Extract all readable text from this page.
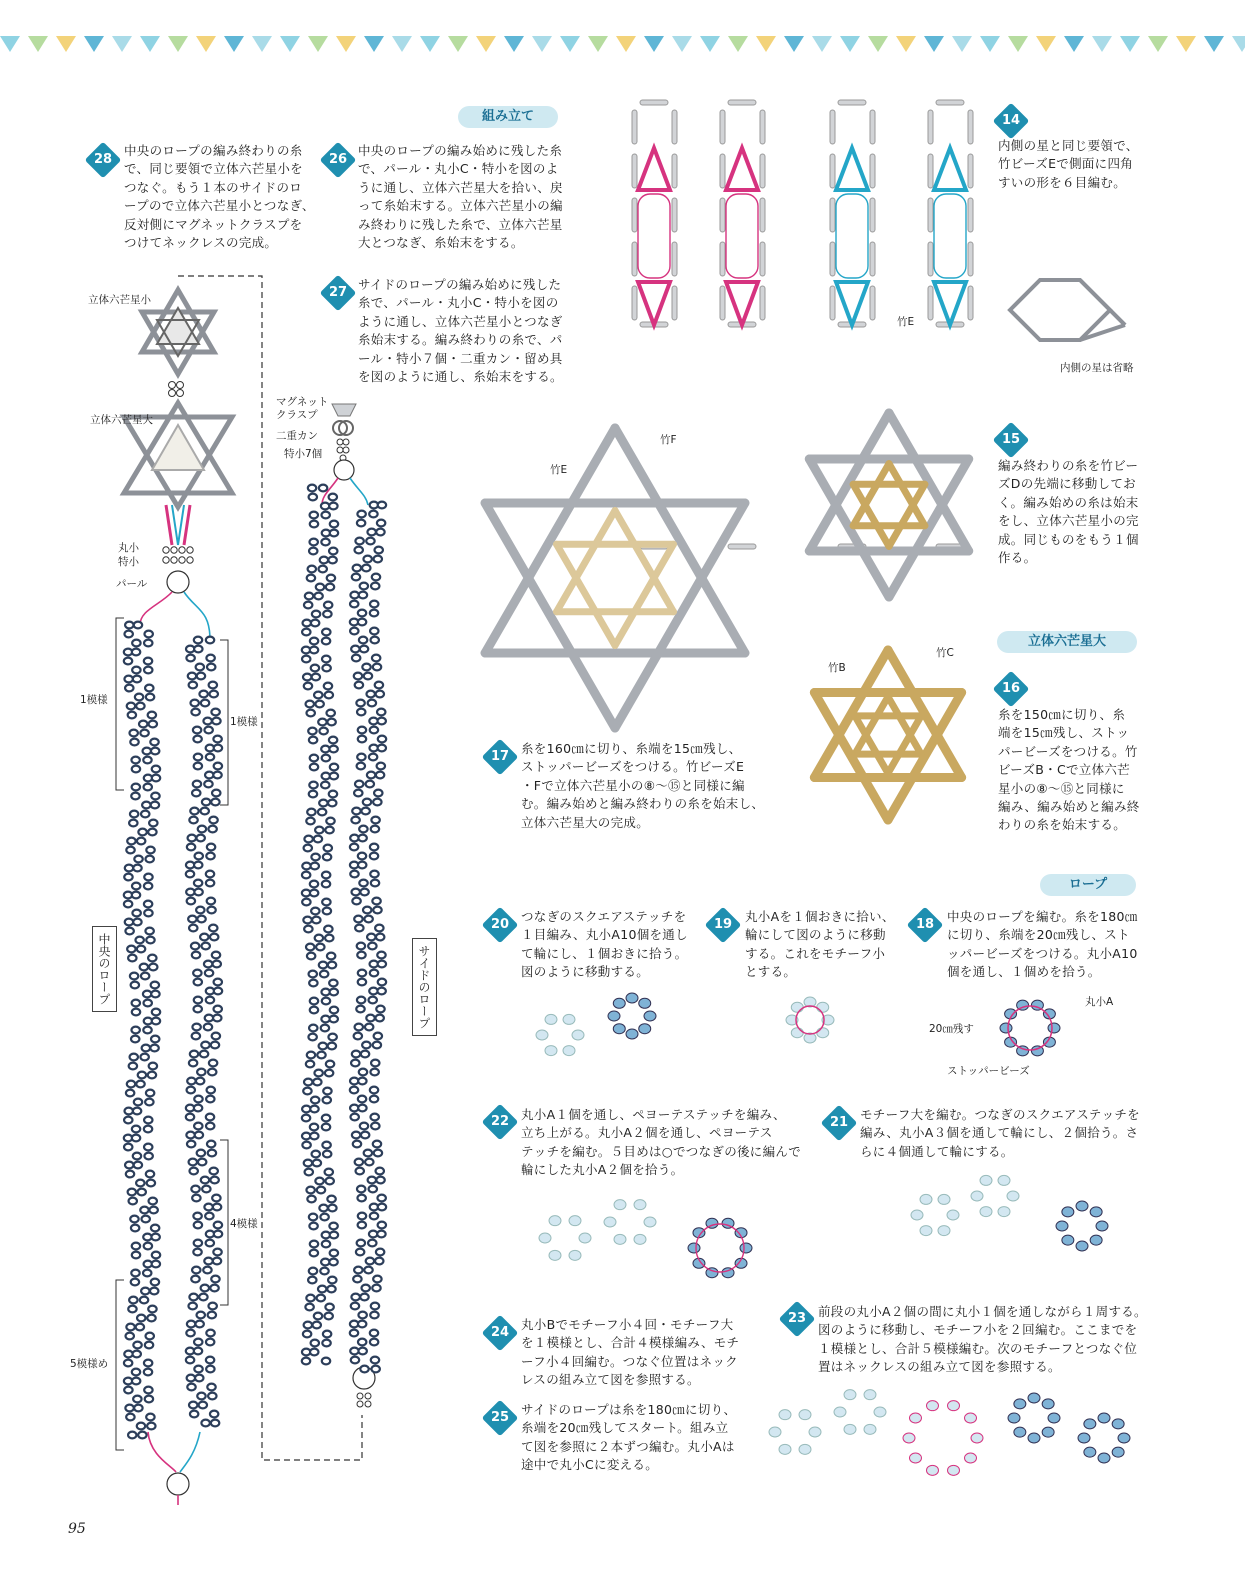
組み立て
立体六芒星大
ロープ
28	26
27
14
15
16
17
20	19	18
22	21
24
25
23
中央のロープの編み終わりの糸
で、同じ要領で立体六芒星小を
つなぐ。もう１本のサイドのロ
ープので立体六芒星小とつなぎ、
反対側にマグネットクラスプを
つけてネックレスの完成。
中央のロープの編み始めに残した糸
で、パール・丸小C・特小を図のよ
うに通し、立体六芒星大を拾い、戻
って糸始末する。立体六芒星小の編
み終わりに残した糸で、立体六芒星
大とつなぎ、糸始末をする。
サイドのロープの編み始めに残した
糸で、パール・丸小C・特小を図の
ように通し、立体六芒星小とつなぎ
糸始末する。編み終わりの糸で、パ
ール・特小７個・二重カン・留め具
を図のように通し、糸始末をする。
内側の星と同じ要領で、
竹ビーズEで側面に四角
すいの形を６目編む。
編み終わりの糸を竹ビー
ズDの先端に移動してお
く。編み始めの糸は始末
をし、立体六芒星小の完
成。同じものをもう１個
作る。
糸を150㎝に切り、糸
端を15㎝残し、ストッ
パービーズをつける。竹
ビーズB・Cで立体六芒
星小の⑧〜⑮と同様に
編み、編み始めと編み終
わりの糸を始末する。
糸を160㎝に切り、糸端を15㎝残し、
ストッパービーズをつける。竹ビーズE
・Fで立体六芒星小の⑧〜⑮と同様に編
む。編み始めと編み終わりの糸を始末し、
立体六芒星大の完成。
つなぎのスクエアステッチを
１目編み、丸小A10個を通し
て輪にし、１個おきに拾う。
図のように移動する。
丸小Aを１個おきに拾い、
輪にして図のように移動
する。これをモチーフ小
とする。
中央のロープを編む。糸を180㎝
に切り、糸端を20㎝残し、スト
ッパービーズをつける。丸小A10
個を通し、１個めを拾う。
丸小A１個を通し、ペヨーテステッチを編み、
立ち上がる。丸小A２個を通し、ペヨーテス
テッチを編む。５目めは○でつなぎの後に編んで
輪にした丸小A２個を拾う。
モチーフ大を編む。つなぎのスクエアステッチを
編み、丸小A３個を通して輪にし、２個拾う。さ
らに４個通して輪にする。
丸小Bでモチーフ小４回・モチーフ大
を１模様とし、合計４模様編み、モチ
ーフ小４回編む。つなぐ位置はネック
レスの組み立て図を参照する。
サイドのロープは糸を180㎝に切り、
糸端を20㎝残してスタート。組み立
て図を参照に２本ずつ編む。丸小Aは
途中で丸小Cに変える。
前段の丸小A２個の間に丸小１個を通しながら１周する。
図のように移動し、モチーフ小を２回編む。ここまでを
１模様とし、合計５模様編む。次のモチーフとつなぐ位
置はネックレスの組み立て図を参照する。
立体六芒星小
立体六芒星大
丸小
特小
パール
1模様
1模様
4模様
5模様め
中央のロープ	サイドのロープ
マグネット
クラスプ
二重カン
特小7個
竹E
内側の星は省略
竹F
竹E
竹B
竹C
丸小A
20㎝残す
ストッパービーズ
95
